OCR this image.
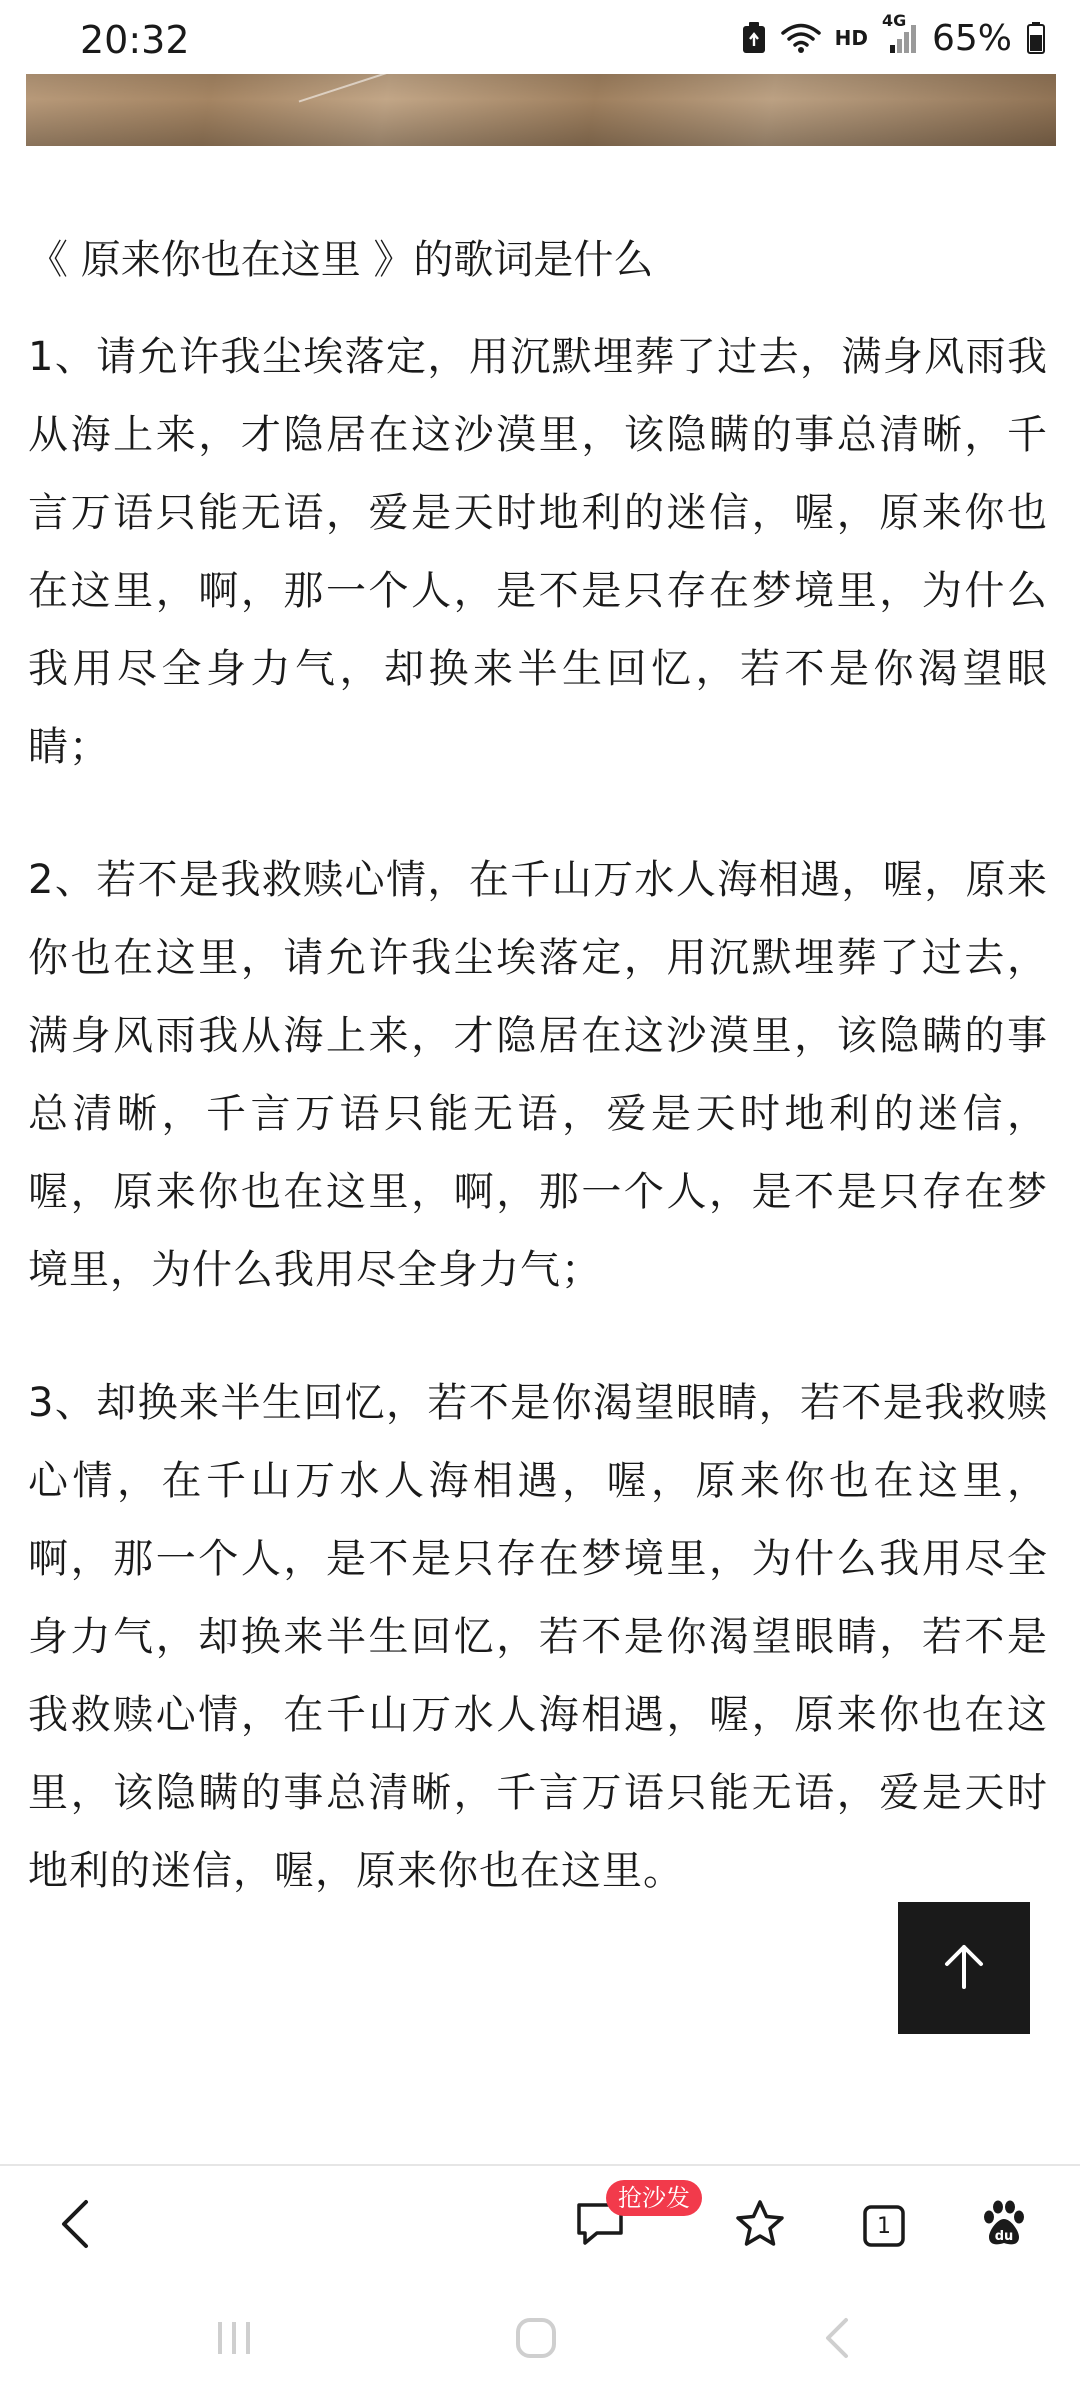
20:32	HD
4G 65%
《 原来你也在这里 》的歌词是什么

1、请允许我尘埃落定，用沉默埋葬了过去，满身风雨我从海上来，才隐居在这沙漠里，该隐瞒的事总清晰，千言万语只能无语，爱是天时地利的迷信，喔，原来你也在这里，啊，那一个人，是不是只存在梦境里，为什么我用尽全身力气，却换来半生回忆，若不是你渴望眼睛；

2、若不是我救赎心情，在千山万水人海相遇，喔，原来你也在这里，请允许我尘埃落定，用沉默埋葬了过去，满身风雨我从海上来，才隐居在这沙漠里，该隐瞒的事总清晰，千言万语只能无语，爱是天时地利的迷信，喔，原来你也在这里，啊，那一个人，是不是只存在梦境里，为什么我用尽全身力气；

3、却换来半生回忆，若不是你渴望眼睛，若不是我救赎心情，在千山万水人海相遇，喔，原来你也在这里，啊，那一个人，是不是只存在梦境里，为什么我用尽全身力气，却换来半生回忆，若不是你渴望眼睛，若不是我救赎心情，在千山万水人海相遇，喔，原来你也在这里，该隐瞒的事总清晰，千言万语只能无语，爱是天时地利的迷信，喔，原来你也在这里。

抢沙发
1	du
